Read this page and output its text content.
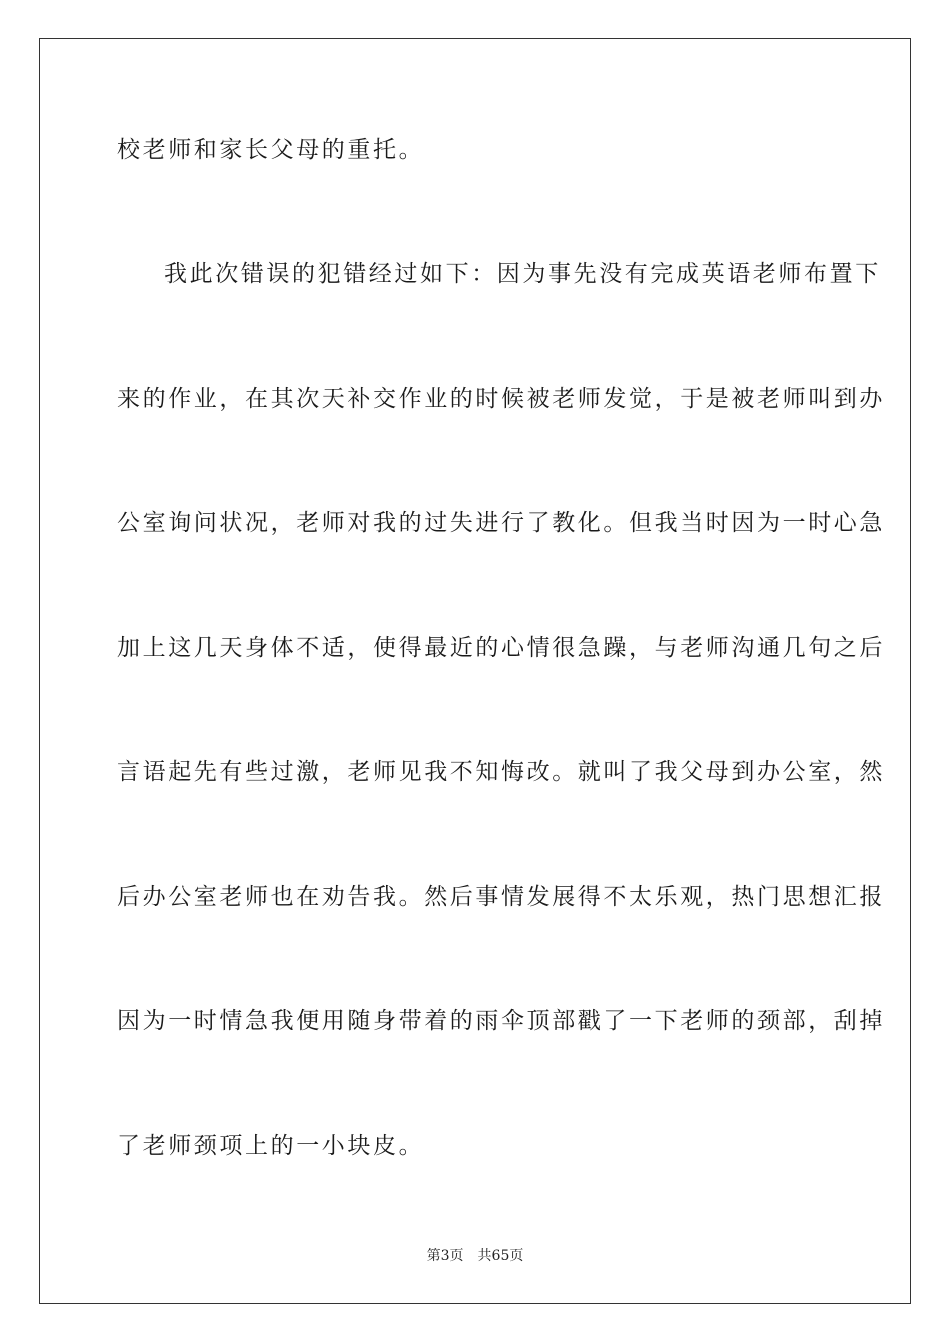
校老师和家长父母的重托。
我此次错误的犯错经过如下：因为事先没有完成英语老师布置下
来的作业，在其次天补交作业的时候被老师发觉，于是被老师叫到办
公室询问状况，老师对我的过失进行了教化。但我当时因为一时心急
加上这几天身体不适，使得最近的心情很急躁，与老师沟通几句之后
言语起先有些过激，老师见我不知悔改。就叫了我父母到办公室，然
后办公室老师也在劝告我。然后事情发展得不太乐观，热门思想汇报
因为一时情急我便用随身带着的雨伞顶部戳了一下老师的颈部，刮掉
了老师颈项上的一小块皮。
第3页 共65页
